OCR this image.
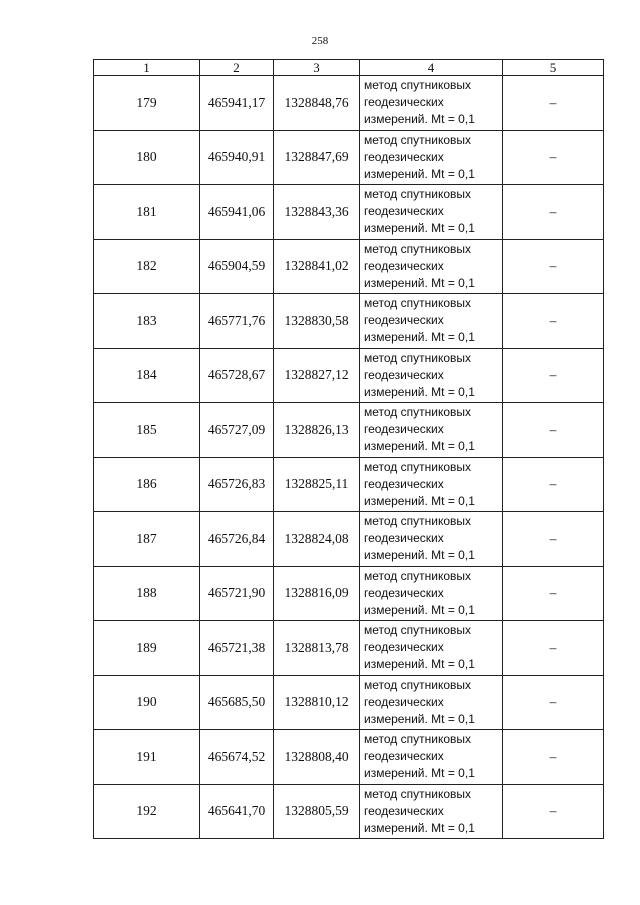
258
1	2	3	4	5
179	465941,17	1328848,76	метод спутниковых
геодезических
измерений. Mt = 0,1	–
180	465940,91	1328847,69	метод спутниковых
геодезических
измерений. Mt = 0,1	–
181	465941,06	1328843,36	метод спутниковых
геодезических
измерений. Mt = 0,1	–
182	465904,59	1328841,02	метод спутниковых
геодезических
измерений. Mt = 0,1	–
183	465771,76	1328830,58	метод спутниковых
геодезических
измерений. Mt = 0,1	–
184	465728,67	1328827,12	метод спутниковых
геодезических
измерений. Mt = 0,1	–
185	465727,09	1328826,13	метод спутниковых
геодезических
измерений. Mt = 0,1	–
186	465726,83	1328825,11	метод спутниковых
геодезических
измерений. Mt = 0,1	–
187	465726,84	1328824,08	метод спутниковых
геодезических
измерений. Mt = 0,1	–
188	465721,90	1328816,09	метод спутниковых
геодезических
измерений. Mt = 0,1	–
189	465721,38	1328813,78	метод спутниковых
геодезических
измерений. Mt = 0,1	–
190	465685,50	1328810,12	метод спутниковых
геодезических
измерений. Mt = 0,1	–
191	465674,52	1328808,40	метод спутниковых
геодезических
измерений. Mt = 0,1	–
192	465641,70	1328805,59	метод спутниковых
геодезических
измерений. Mt = 0,1	–
